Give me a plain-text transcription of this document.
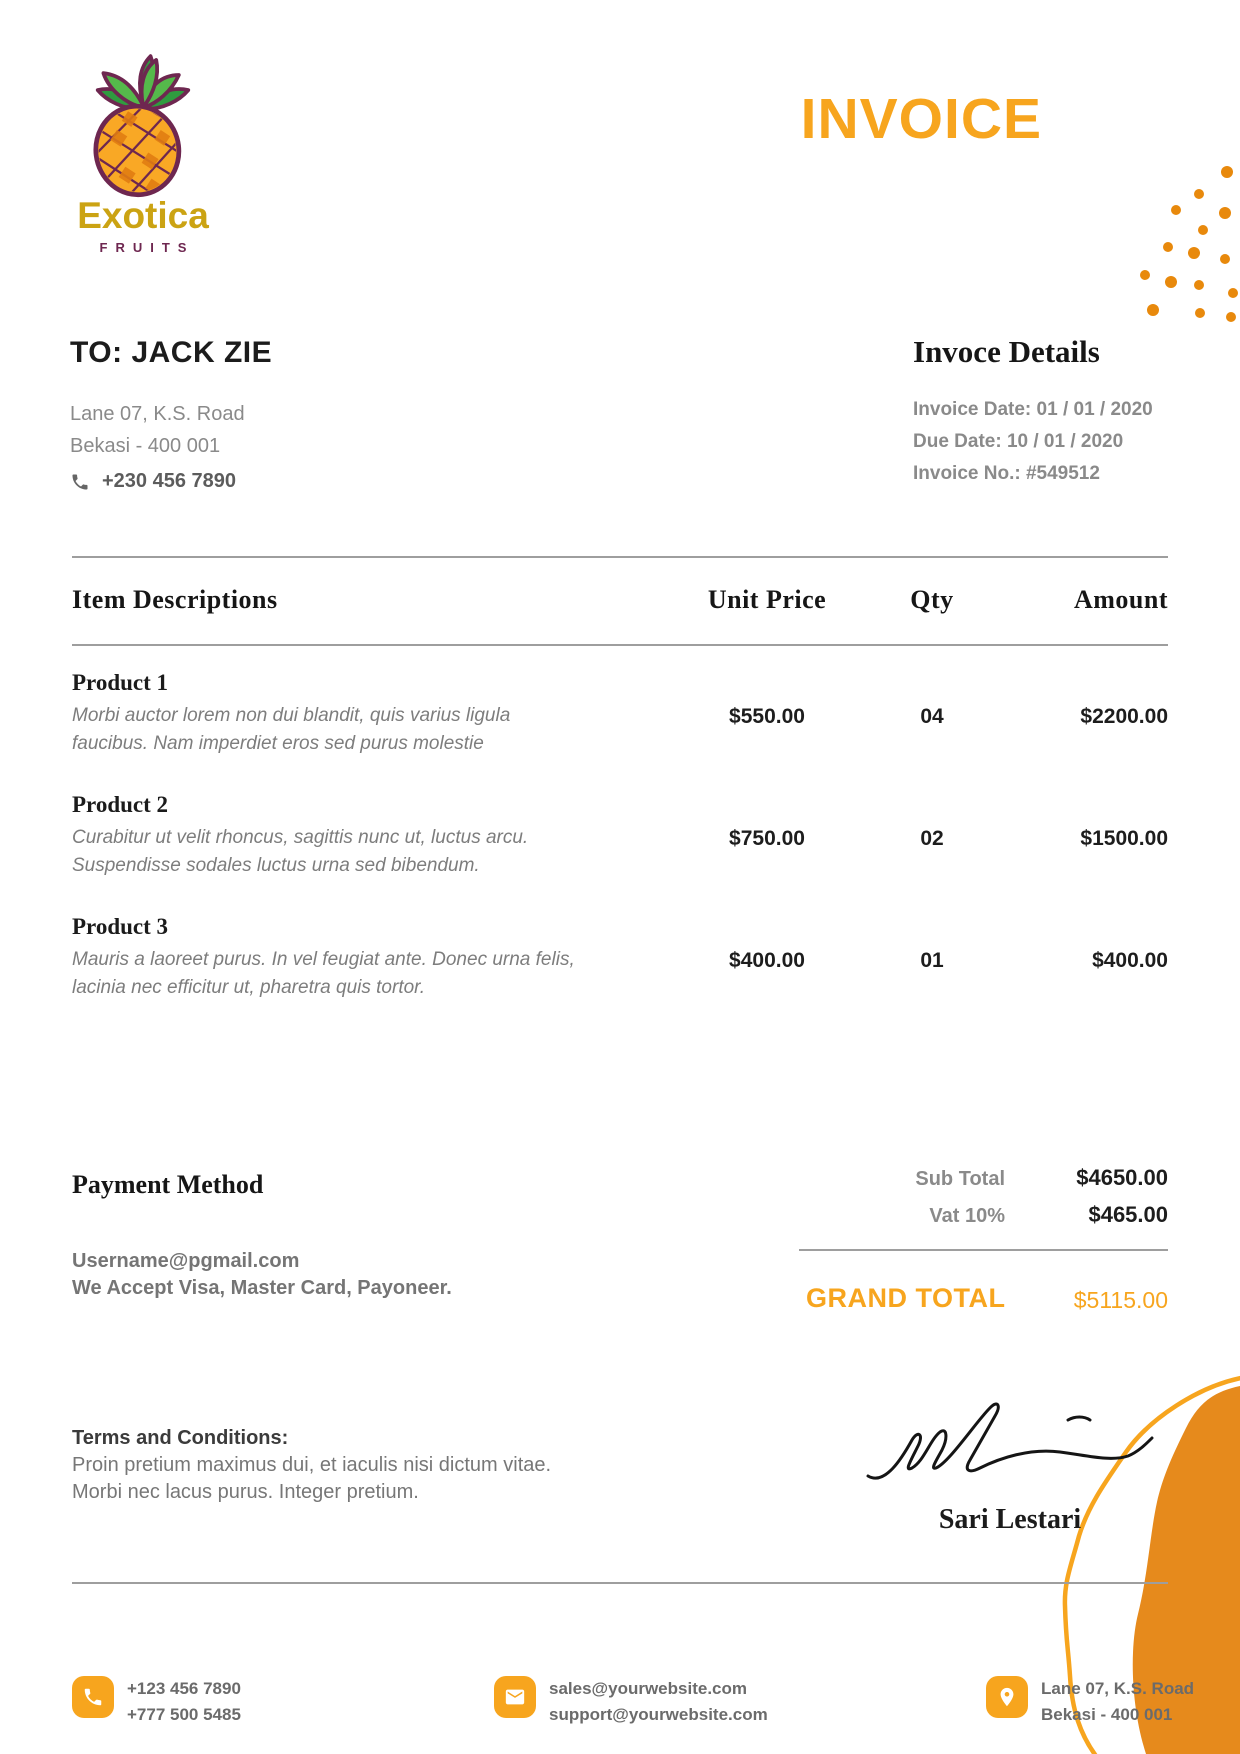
Exotica
FRUITS
INVOICE
TO: JACK ZIE
Lane 07, K.S. Road
Bekasi - 400 001
+230 456 7890
Invoce Details
Invoice Date: 01 / 01 / 2020
Due Date: 10 / 01 / 2020
Invoice No.: #549512
Item Descriptions	Unit Price	Qty	Amount
Product 1
Morbi auctor lorem non dui blandit, quis varius ligula faucibus. Nam imperdiet eros sed purus molestie
$550.00	04	$2200.00
Product 2
Curabitur ut velit rhoncus, sagittis nunc ut, luctus arcu. Suspendisse sodales luctus urna sed bibendum.
$750.00	02	$1500.00
Product 3
Mauris a laoreet purus. In vel feugiat ante. Donec urna felis, lacinia nec efficitur ut, pharetra quis tortor.
$400.00	01	$400.00
Payment Method
Username@pgmail.com
We Accept Visa, Master Card, Payoneer.
Sub Total	$4650.00
Vat 10%	$465.00
GRAND TOTAL	$5115.00
Terms and Conditions:
Proin pretium maximus dui, et iaculis nisi dictum vitae.
Morbi nec lacus purus. Integer pretium.
Sari Lestari
+123 456 7890
+777 500 5485
sales@yourwebsite.com
support@yourwebsite.com
Lane 07, K.S. Road
Bekasi - 400 001
